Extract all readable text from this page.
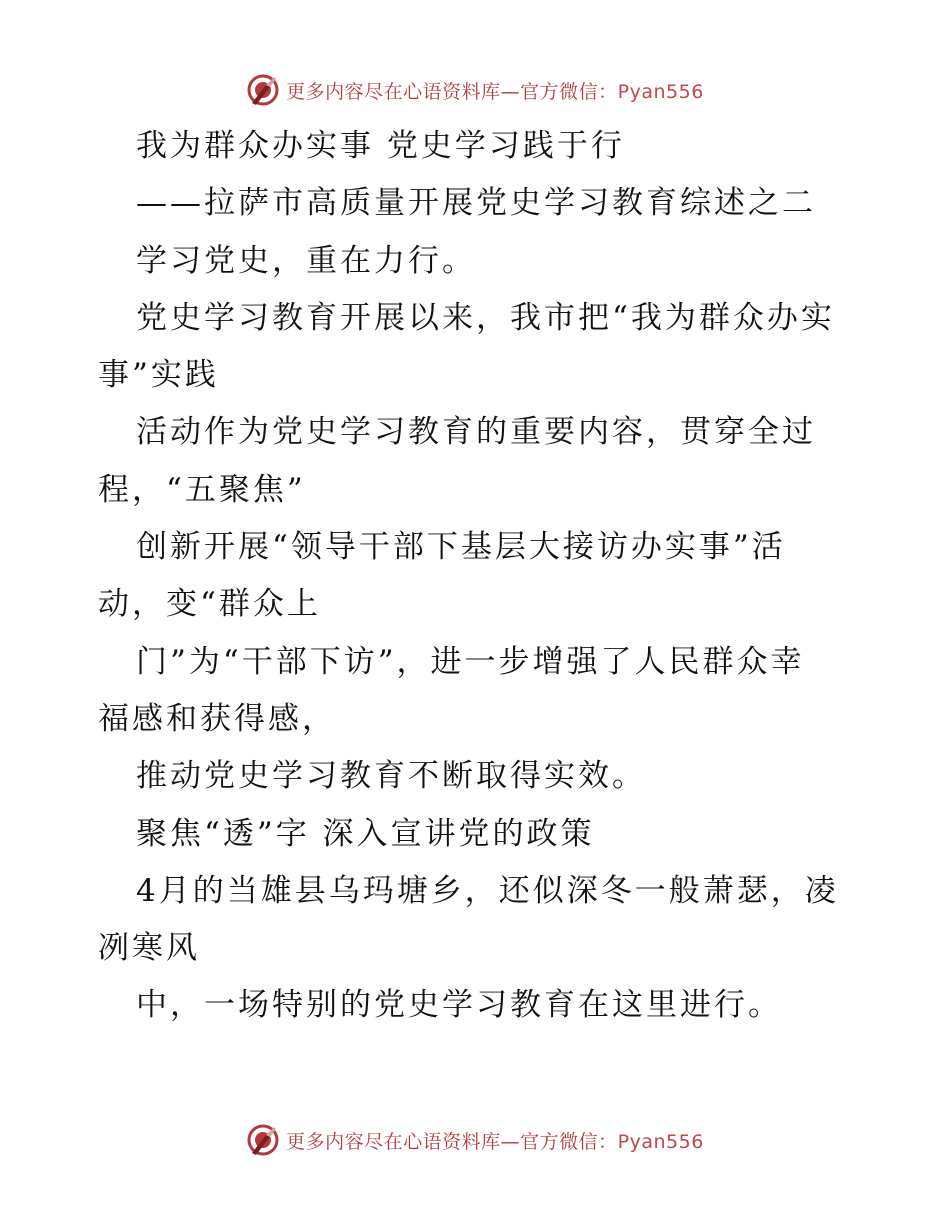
更多内容尽在心语资料库—官方微信：Pyan556
我为群众办实事 党史学习践于行
——拉萨市高质量开展党史学习教育综述之二
学习党史，重在力行。
党史学习教育开展以来，我市把“我为群众办实
事”实践
活动作为党史学习教育的重要内容，贯穿全过
程，“五聚焦”
创新开展“领导干部下基层大接访办实事”活
动，变“群众上
门”为“干部下访”，进一步增强了人民群众幸
福感和获得感，
推动党史学习教育不断取得实效。
聚焦“透”字 深入宣讲党的政策
4月的当雄县乌玛塘乡，还似深冬一般萧瑟，凌
冽寒风
中，一场特别的党史学习教育在这里进行。
更多内容尽在心语资料库—官方微信：Pyan556
